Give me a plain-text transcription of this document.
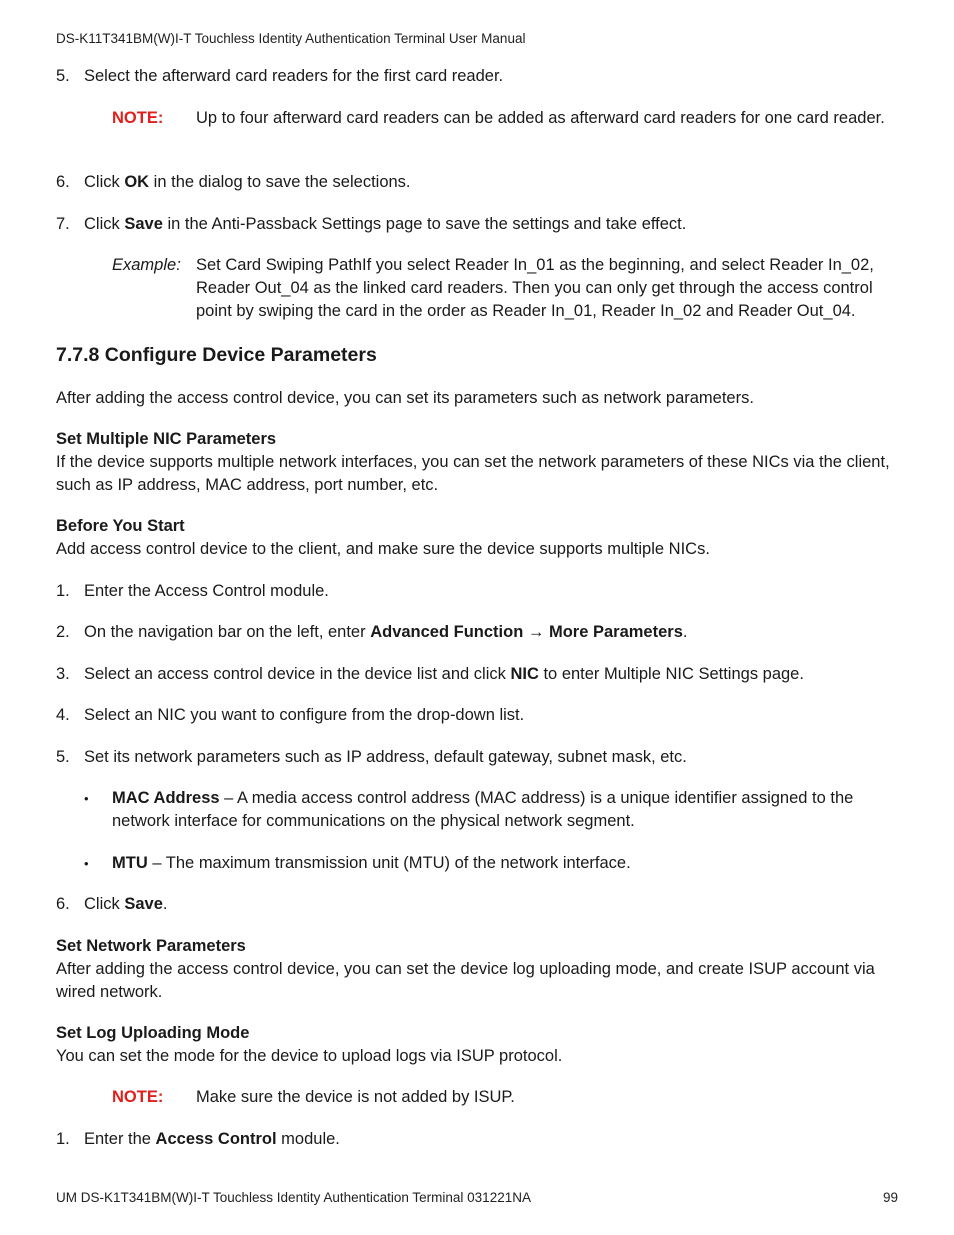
DS-K11T341BM(W)I-T Touchless Identity Authentication Terminal User Manual
5. Select the afterward card readers for the first card reader.
NOTE: Up to four afterward card readers can be added as afterward card readers for one card reader.
6. Click OK in the dialog to save the selections.
7. Click Save in the Anti-Passback Settings page to save the settings and take effect.
Example: Set Card Swiping PathIf you select Reader In_01 as the beginning, and select Reader In_02, Reader Out_04 as the linked card readers. Then you can only get through the access control point by swiping the card in the order as Reader In_01, Reader In_02 and Reader Out_04.
7.7.8 Configure Device Parameters
After adding the access control device, you can set its parameters such as network parameters.
Set Multiple NIC Parameters
If the device supports multiple network interfaces, you can set the network parameters of these NICs via the client, such as IP address, MAC address, port number, etc.
Before You Start
Add access control device to the client, and make sure the device supports multiple NICs.
1. Enter the Access Control module.
2. On the navigation bar on the left, enter Advanced Function → More Parameters.
3. Select an access control device in the device list and click NIC to enter Multiple NIC Settings page.
4. Select an NIC you want to configure from the drop-down list.
5. Set its network parameters such as IP address, default gateway, subnet mask, etc.
• MAC Address – A media access control address (MAC address) is a unique identifier assigned to the network interface for communications on the physical network segment.
• MTU – The maximum transmission unit (MTU) of the network interface.
6. Click Save.
Set Network Parameters
After adding the access control device, you can set the device log uploading mode, and create ISUP account via wired network.
Set Log Uploading Mode
You can set the mode for the device to upload logs via ISUP protocol.
NOTE: Make sure the device is not added by ISUP.
1. Enter the Access Control module.
UM DS-K1T341BM(W)I-T Touchless Identity Authentication Terminal 031221NA	99
